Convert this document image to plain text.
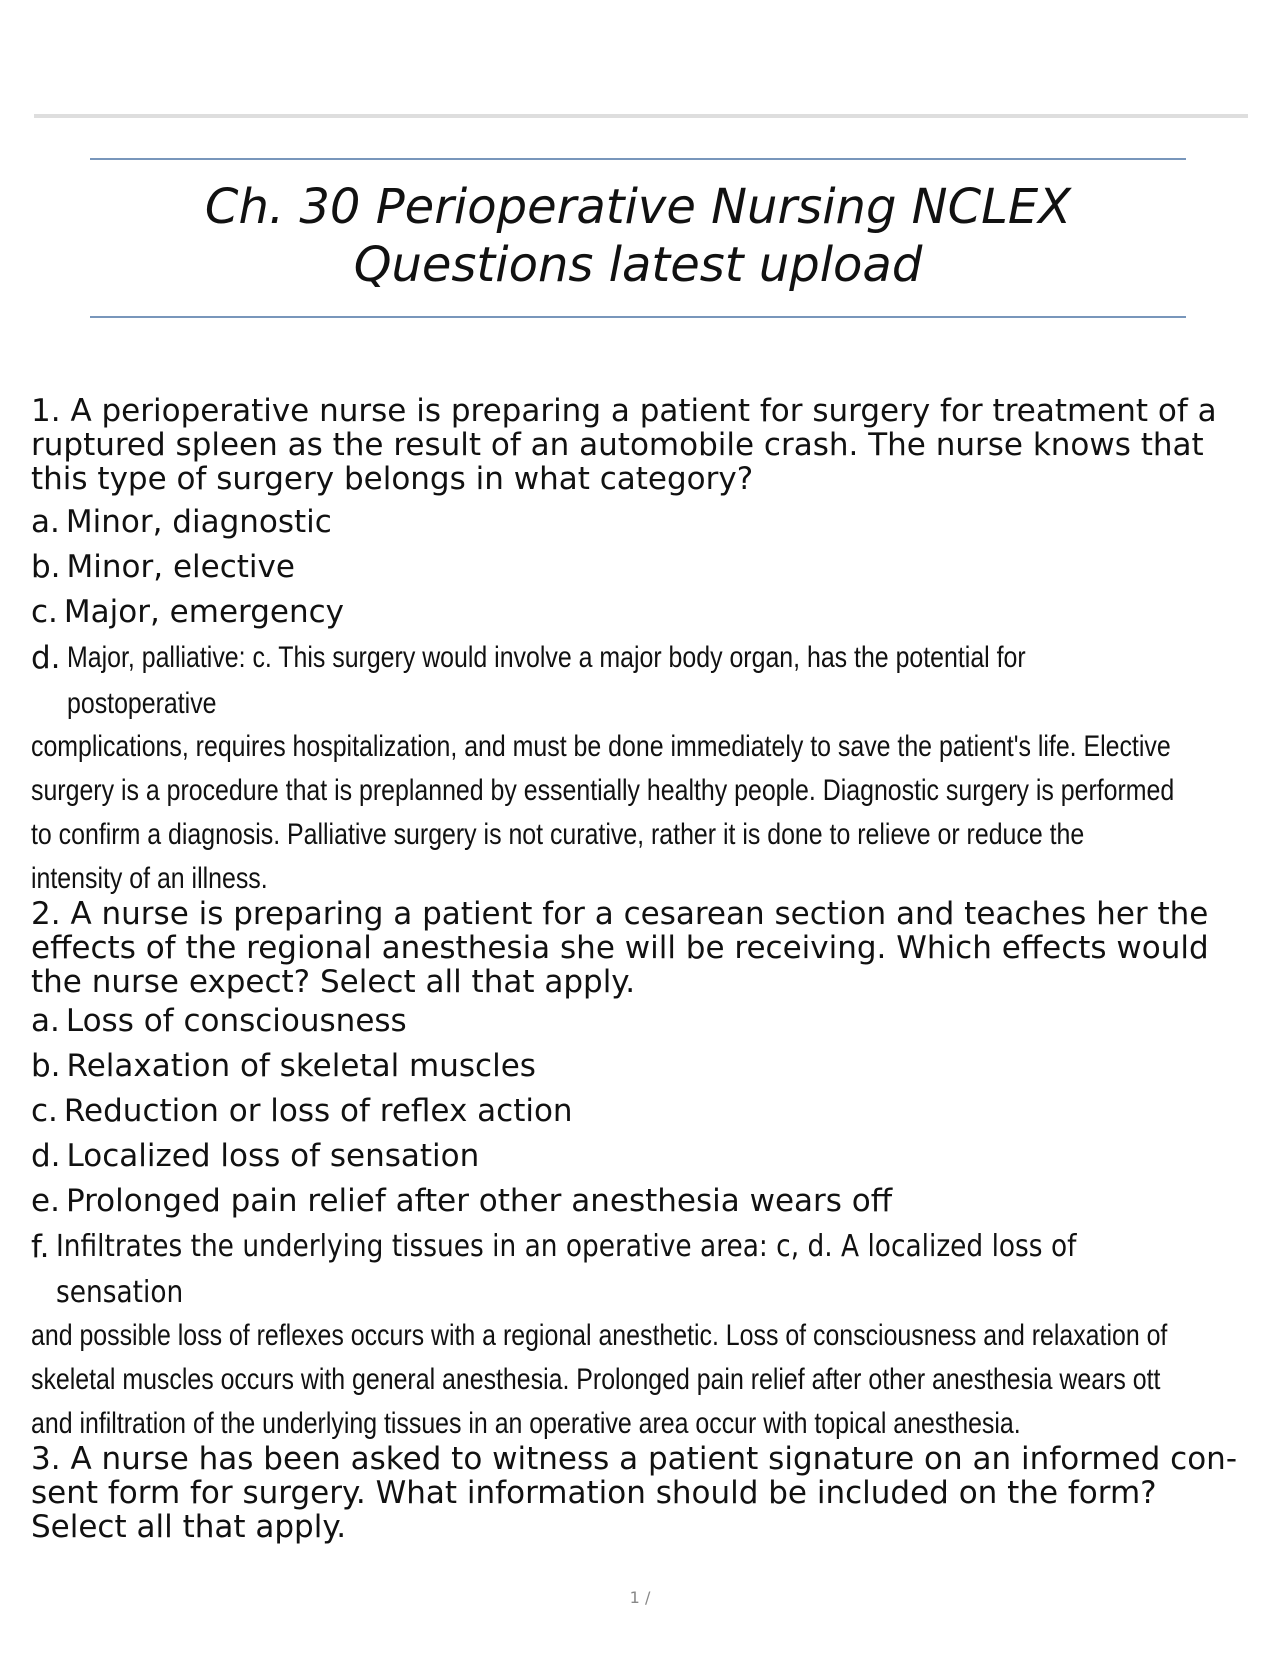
Ch. 30 Perioperative Nursing NCLEX
Questions latest upload

1. A perioperative nurse is preparing a patient for surgery for treatment of a ruptured spleen as the result of an automobile crash. The nurse knows that this type of surgery belongs in what category?

a. Minor, diagnostic
b. Minor, elective
c. Major, emergency
d. Major, palliative: c. This surgery would involve a major body organ, has the potential for postoperative

complications, requires hospitalization, and must be done immediately to save the patient's life. Elective surgery is a procedure that is preplanned by essentially healthy people. Diagnostic surgery is performed to confirm a diagnosis. Palliative surgery is not curative, rather it is done to relieve or reduce the intensity of an illness.

2. A nurse is preparing a patient for a cesarean section and teaches her the effects of the regional anesthesia she will be receiving. Which effects would the nurse expect? Select all that apply.

a. Loss of consciousness
b. Relaxation of skeletal muscles
c. Reduction or loss of reflex action
d. Localized loss of sensation
e. Prolonged pain relief after other anesthesia wears off
f. Infiltrates the underlying tissues in an operative area: c, d. A localized loss of sensation

and possible loss of reflexes occurs with a regional anesthetic. Loss of consciousness and relaxation of skeletal muscles occurs with general anesthesia. Prolonged pain relief after other anesthesia wears ott and infiltration of the underlying tissues in an operative area occur with topical anesthesia.

3. A nurse has been asked to witness a patient signature on an informed con- sent form for surgery. What information should be included on the form? Select all that apply.

1 /
